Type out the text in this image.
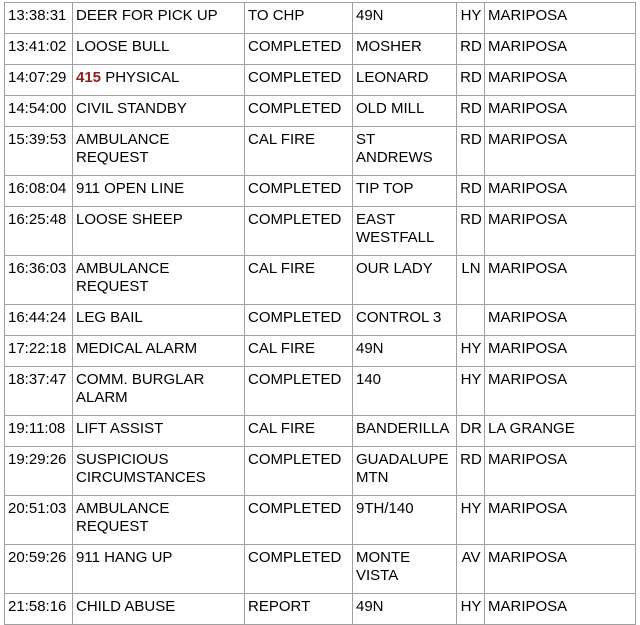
13:38:31	DEER FOR PICK UP	TO CHP	49N	HY	MARIPOSA
13:41:02	LOOSE BULL	COMPLETED	MOSHER	RD	MARIPOSA
14:07:29	415 PHYSICAL	COMPLETED	LEONARD	RD	MARIPOSA
14:54:00	CIVIL STANDBY	COMPLETED	OLD MILL	RD	MARIPOSA
15:39:53	AMBULANCE REQUEST	CAL FIRE	ST ANDREWS	RD	MARIPOSA
16:08:04	911 OPEN LINE	COMPLETED	TIP TOP	RD	MARIPOSA
16:25:48	LOOSE SHEEP	COMPLETED	EAST WESTFALL	RD	MARIPOSA
16:36:03	AMBULANCE REQUEST	CAL FIRE	OUR LADY	LN	MARIPOSA
16:44:24	LEG BAIL	COMPLETED	CONTROL 3		MARIPOSA
17:22:18	MEDICAL ALARM	CAL FIRE	49N	HY	MARIPOSA
18:37:47	COMM. BURGLAR ALARM	COMPLETED	140	HY	MARIPOSA
19:11:08	LIFT ASSIST	CAL FIRE	BANDERILLA	DR	LA GRANGE
19:29:26	SUSPICIOUS CIRCUMSTANCES	COMPLETED	GUADALUPE MTN	RD	MARIPOSA
20:51:03	AMBULANCE REQUEST	COMPLETED	9TH/140	HY	MARIPOSA
20:59:26	911 HANG UP	COMPLETED	MONTE VISTA	AV	MARIPOSA
21:58:16	CHILD ABUSE	REPORT	49N	HY	MARIPOSA
